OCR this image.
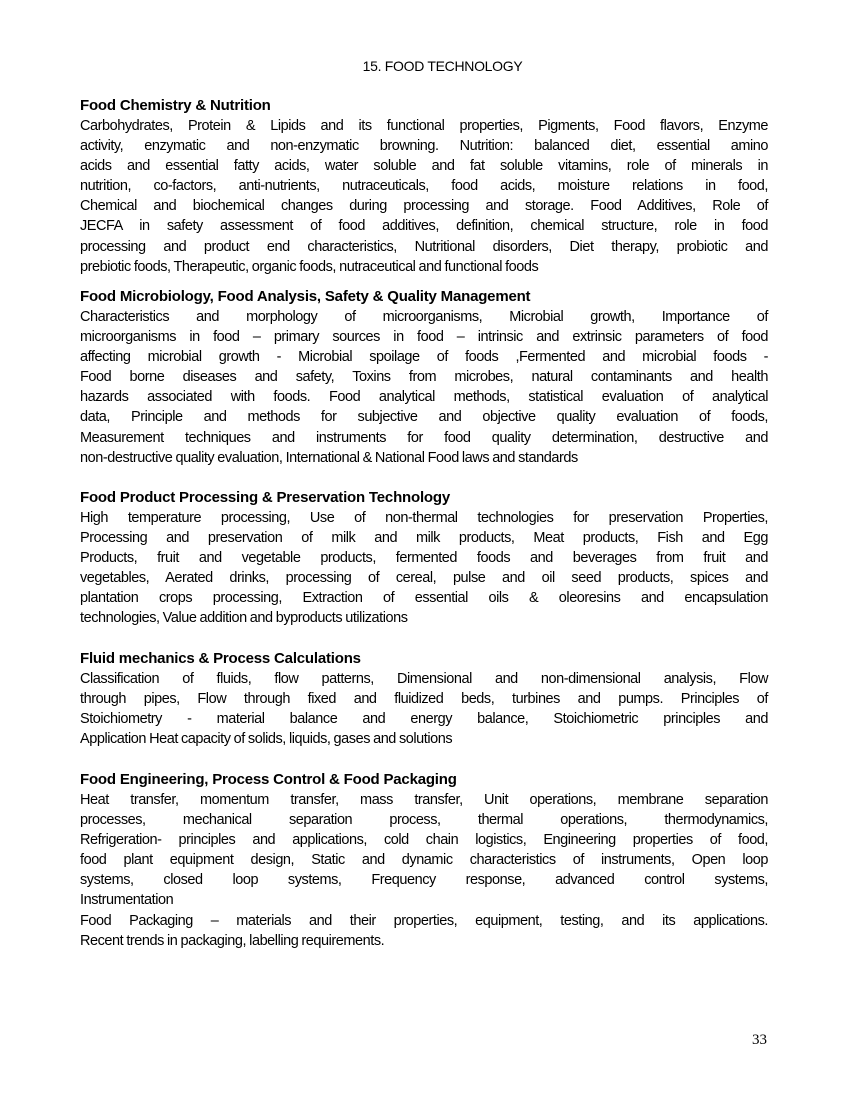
15. FOOD TECHNOLOGY
Food Chemistry & Nutrition
Carbohydrates, Protein & Lipids and its functional properties, Pigments, Food flavors, Enzyme
activity, enzymatic and non-enzymatic browning. Nutrition: balanced diet, essential amino
acids and essential fatty acids, water soluble and fat soluble vitamins, role of minerals in
nutrition, co-factors, anti-nutrients, nutraceuticals, food acids, moisture relations in food,
Chemical and biochemical changes during processing and storage. Food Additives, Role of
JECFA in safety assessment of food additives, definition, chemical structure, role in food
processing and product end characteristics, Nutritional disorders, Diet therapy, probiotic and
prebiotic foods, Therapeutic, organic foods, nutraceutical and functional foods
Food Microbiology, Food Analysis, Safety & Quality Management
Characteristics and morphology of microorganisms, Microbial growth, Importance of
microorganisms in food – primary sources in food – intrinsic and extrinsic parameters of food
affecting microbial growth - Microbial spoilage of foods ,Fermented and microbial foods -
Food borne diseases and safety, Toxins from microbes, natural contaminants and health
hazards associated with foods. Food analytical methods, statistical evaluation of analytical
data, Principle and methods for subjective and objective quality evaluation of foods,
Measurement techniques and instruments for food quality determination, destructive and
non-destructive quality evaluation, International & National Food laws and standards
Food Product Processing & Preservation Technology
High temperature processing, Use of non-thermal technologies for preservation Properties,
Processing and preservation of milk and milk products, Meat products, Fish and Egg
Products, fruit and vegetable products, fermented foods and beverages from fruit and
vegetables, Aerated drinks, processing of cereal, pulse and oil seed products, spices and
plantation crops processing, Extraction of essential oils & oleoresins and encapsulation
technologies, Value addition and byproducts utilizations
Fluid mechanics & Process Calculations
Classification of fluids, flow patterns, Dimensional and non-dimensional analysis, Flow
through pipes, Flow through fixed and fluidized beds, turbines and pumps. Principles of
Stoichiometry - material balance and energy balance, Stoichiometric principles and
Application Heat capacity of solids, liquids, gases and solutions
Food Engineering, Process Control & Food Packaging
Heat transfer, momentum transfer, mass transfer, Unit operations, membrane separation
processes, mechanical separation process, thermal operations, thermodynamics,
Refrigeration- principles and applications, cold chain logistics, Engineering properties of food,
food plant equipment design, Static and dynamic characteristics of instruments, Open loop
systems, closed loop systems, Frequency response, advanced control systems,
Instrumentation
Food Packaging – materials and their properties, equipment, testing, and its applications.
Recent trends in packaging, labelling requirements.
33
